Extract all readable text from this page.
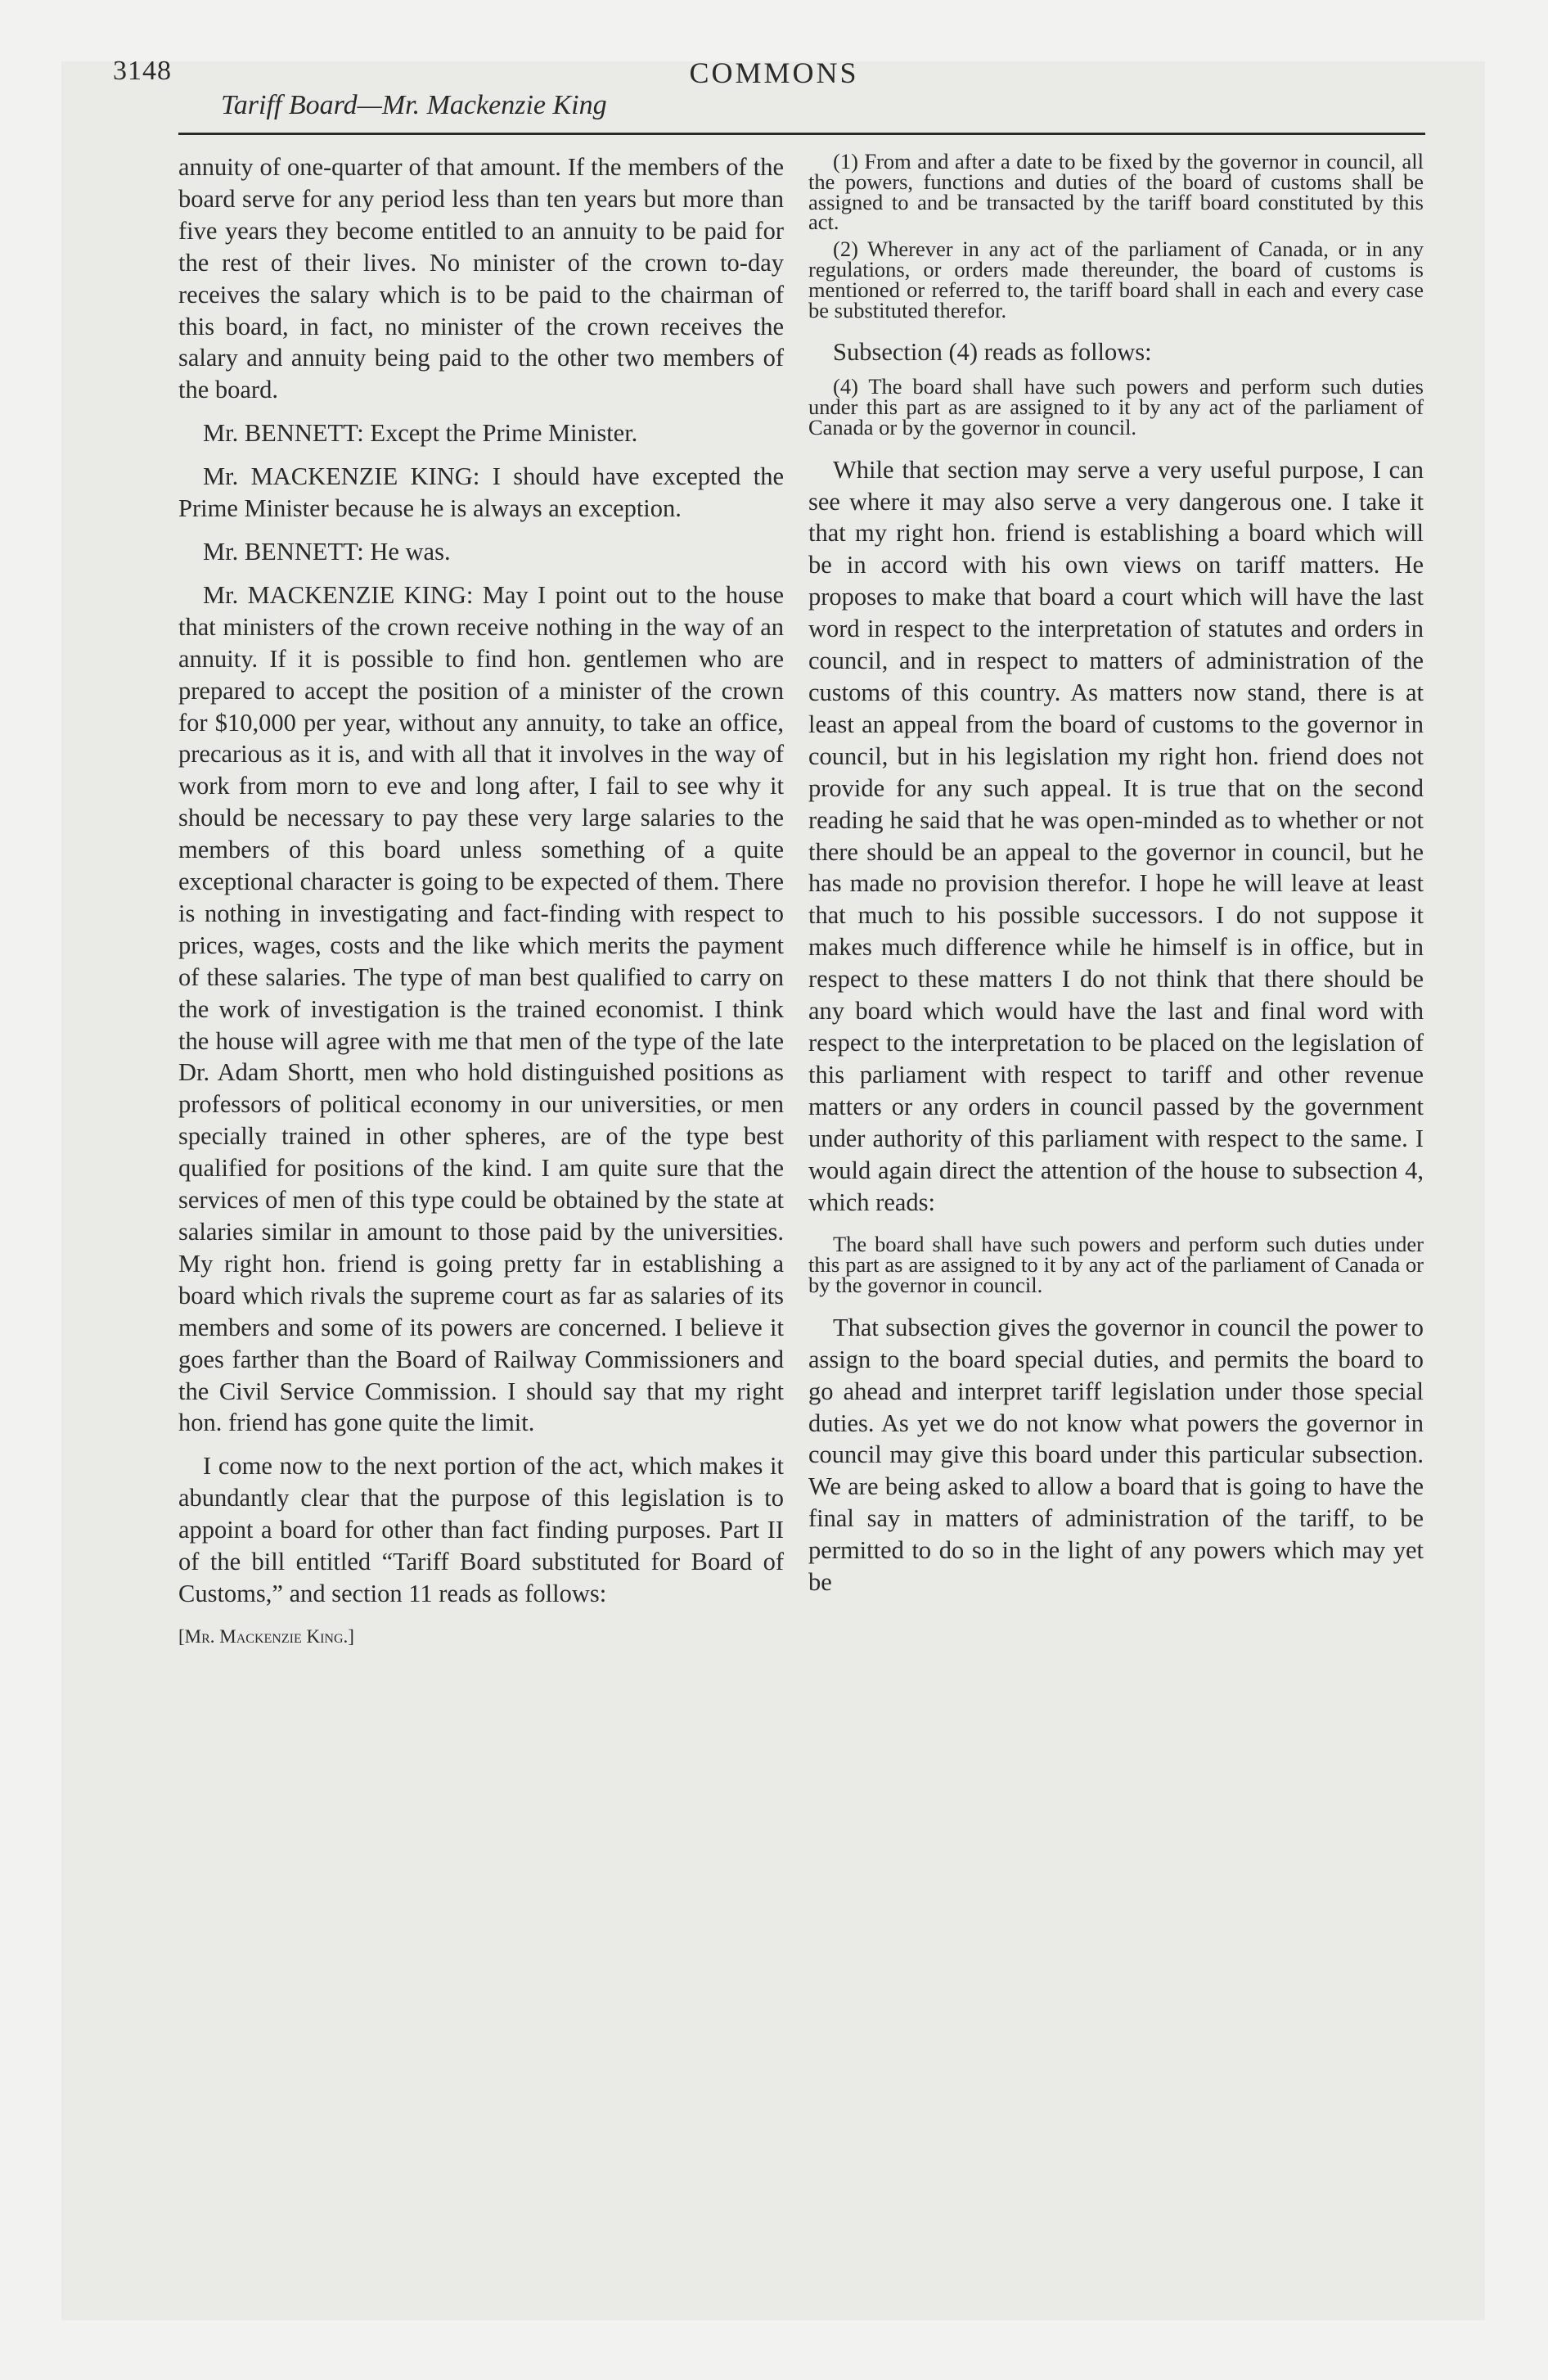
3148	COMMONS
Tariff Board—Mr. Mackenzie King

annuity of one-quarter of that amount. If the members of the board serve for any period less than ten years but more than five years they become entitled to an annuity to be paid for the rest of their lives. No minister of the crown to-day receives the salary which is to be paid to the chairman of this board, in fact, no minister of the crown receives the salary and annuity being paid to the other two members of the board.

Mr. BENNETT: Except the Prime Minister.

Mr. MACKENZIE KING: I should have excepted the Prime Minister because he is always an exception.

Mr. BENNETT: He was.

Mr. MACKENZIE KING: May I point out to the house that ministers of the crown receive nothing in the way of an annuity. If it is possible to find hon. gentlemen who are prepared to accept the position of a minister of the crown for $10,000 per year, without any annuity, to take an office, precarious as it is, and with all that it involves in the way of work from morn to eve and long after, I fail to see why it should be necessary to pay these very large salaries to the members of this board unless something of a quite exceptional character is going to be expected of them. There is nothing in investigating and fact-finding with respect to prices, wages, costs and the like which merits the payment of these salaries. The type of man best qualified to carry on the work of investigation is the trained economist. I think the house will agree with me that men of the type of the late Dr. Adam Shortt, men who hold distinguished positions as professors of political economy in our universities, or men specially trained in other spheres, are of the type best qualified for positions of the kind. I am quite sure that the services of men of this type could be obtained by the state at salaries similar in amount to those paid by the universities. My right hon. friend is going pretty far in establishing a board which rivals the supreme court as far as salaries of its members and some of its powers are concerned. I believe it goes farther than the Board of Railway Commissioners and the Civil Service Commission. I should say that my right hon. friend has gone quite the limit.

I come now to the next portion of the act, which makes it abundantly clear that the purpose of this legislation is to appoint a board for other than fact finding purposes. Part II of the bill entitled “Tariff Board substituted for Board of Customs,” and section 11 reads as follows:

[Mr. Mackenzie King.]

(1) From and after a date to be fixed by the governor in council, all the powers, functions and duties of the board of customs shall be assigned to and be transacted by the tariff board constituted by this act.

(2) Wherever in any act of the parliament of Canada, or in any regulations, or orders made thereunder, the board of customs is mentioned or referred to, the tariff board shall in each and every case be substituted therefor.

Subsection (4) reads as follows:

(4) The board shall have such powers and perform such duties under this part as are assigned to it by any act of the parliament of Canada or by the governor in council.

While that section may serve a very useful purpose, I can see where it may also serve a very dangerous one. I take it that my right hon. friend is establishing a board which will be in accord with his own views on tariff matters. He proposes to make that board a court which will have the last word in respect to the interpretation of statutes and orders in council, and in respect to matters of administration of the customs of this country. As matters now stand, there is at least an appeal from the board of customs to the governor in council, but in his legislation my right hon. friend does not provide for any such appeal. It is true that on the second reading he said that he was open-minded as to whether or not there should be an appeal to the governor in council, but he has made no provision therefor. I hope he will leave at least that much to his possible successors. I do not suppose it makes much difference while he himself is in office, but in respect to these matters I do not think that there should be any board which would have the last and final word with respect to the interpretation to be placed on the legislation of this parliament with respect to tariff and other revenue matters or any orders in council passed by the government under authority of this parliament with respect to the same. I would again direct the attention of the house to subsection 4, which reads:

The board shall have such powers and perform such duties under this part as are assigned to it by any act of the parliament of Canada or by the governor in council.

That subsection gives the governor in council the power to assign to the board special duties, and permits the board to go ahead and interpret tariff legislation under those special duties. As yet we do not know what powers the governor in council may give this board under this particular subsection. We are being asked to allow a board that is going to have the final say in matters of administration of the tariff, to be permitted to do so in the light of any powers which may yet be
